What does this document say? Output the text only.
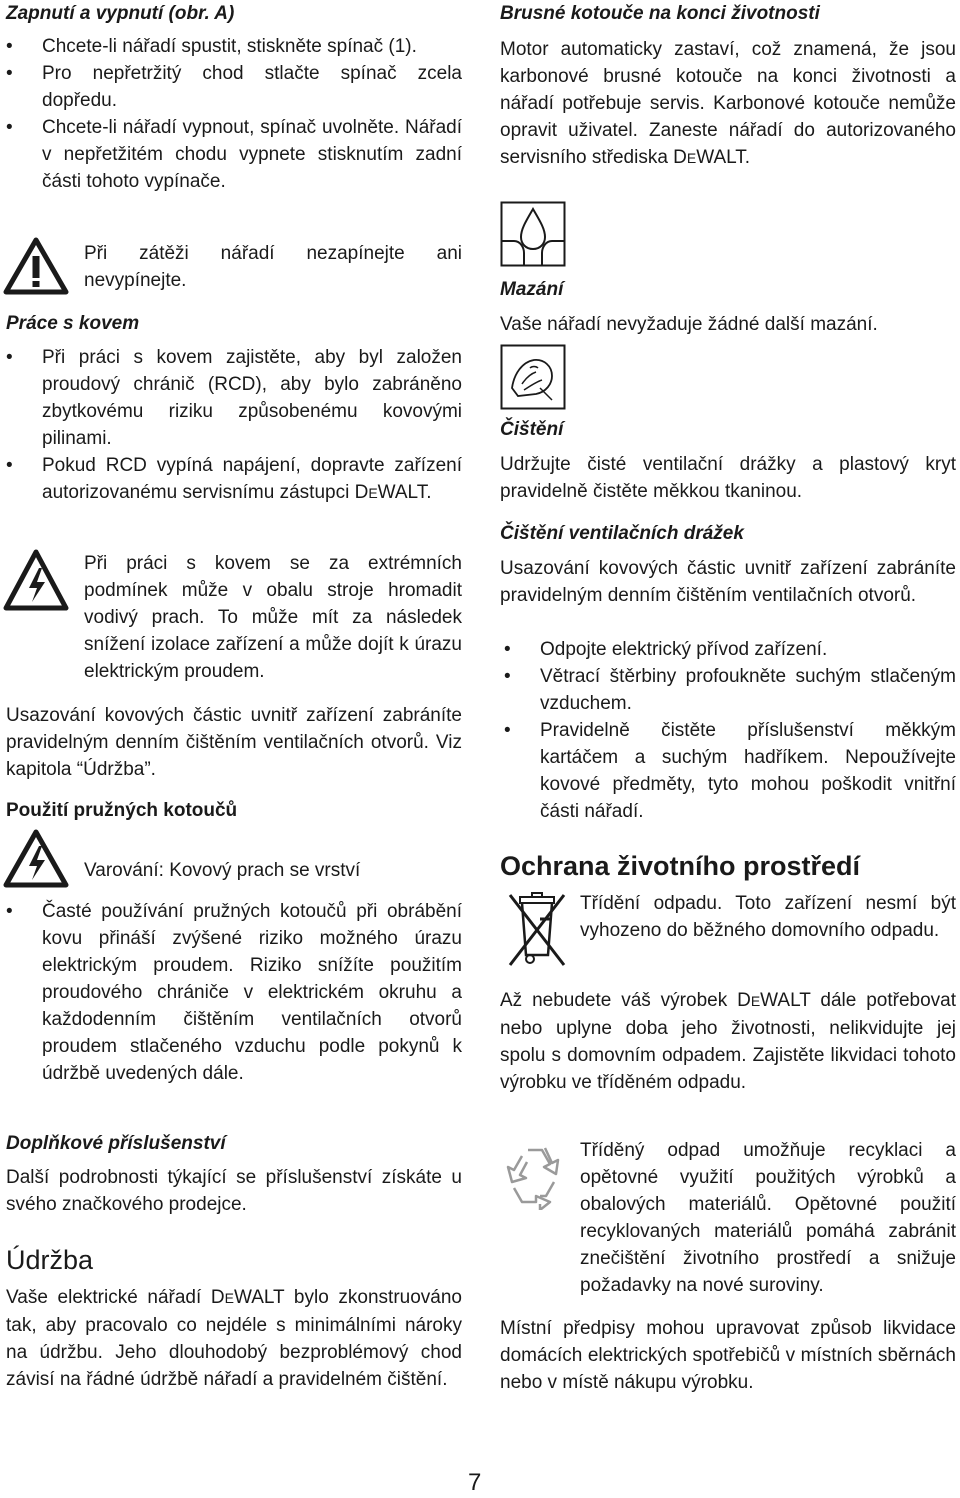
Zapnutí a vypnutí (obr. A)
• Chcete-li nářadí spustit, stiskněte spínač (1).
• Pro nepřetržitý chod stlačte spínač zcela dopředu.
• Chcete-li nářadí vypnout, spínač uvolněte. Nářadí v nepřetžitém chodu vypnete stisknutím zadní části tohoto vypínače.
Při zátěži nářadí nezapínejte ani nevypínejte.
Práce s kovem
• Při práci s kovem zajistěte, aby byl založen proudový chránič (RCD), aby bylo zabráněno zbytkovému riziku způsobenému kovovými pilinami.
• Pokud RCD vypíná napájení, dopravte zařízení autorizovanému servisnímu zástupci DEWALT.
Při práci s kovem se za extrémních podmínek může v obalu stroje hromadit vodivý prach. To může mít za následek snížení izolace zařízení a může dojít k úrazu elektrickým proudem.
Usazování kovových částic uvnitř zařízení zabráníte pravidelným denním čištěním ventilačních otvorů. Viz kapitola “Údržba”.
Použití pružných kotoučů
Varování: Kovový prach se vrství
• Časté používání pružných kotoučů při obrábění kovu přináší zvýšené riziko možného úrazu elektrickým proudem. Riziko snížíte použitím proudového chrániče v elektrickém okruhu a každodenním čištěním ventilačních otvorů proudem stlačeného vzduchu podle pokynů k údržbě uvedených dále.
Doplňkové příslušenství
Další podrobnosti týkající se příslušenství získáte u svého značkového prodejce.
Údržba
Vaše elektrické nářadí DEWALT bylo zkonstruováno tak, aby pracovalo co nejdéle s minimálními nároky na údržbu. Jeho dlouhodobý bezproblémový chod závisí na řádné údržbě nářadí a pravidelném čištění.
Brusné kotouče na konci životnosti
Motor automaticky zastaví, což znamená, že jsou karbonové brusné kotouče na konci životnosti a nářadí potřebuje servis. Karbonové kotouče nemůže opravit uživatel. Zaneste nářadí do autorizovaného servisního střediska DEWALT.
Mazání
Vaše nářadí nevyžaduje žádné další mazání.
Čištění
Udržujte čisté ventilační drážky a plastový kryt pravidelně čistěte měkkou tkaninou.
Čištění ventilačních drážek
Usazování kovových částic uvnitř zařízení zabráníte pravidelným denním čištěním ventilačních otvorů.
• Odpojte elektrický přívod zařízení.
• Větrací štěrbiny profoukněte suchým stlačeným vzduchem.
• Pravidelně čistěte příslušenství měkkým kartáčem a suchým hadříkem. Nepoužívejte kovové předměty, tyto mohou poškodit vnitřní části nářadí.
Ochrana životního prostředí
Třídění odpadu. Toto zařízení nesmí být vyhozeno do běžného domovního odpadu.
Až nebudete váš výrobek DEWALT dále potřebovat nebo uplyne doba jeho životnosti, nelikvidujte jej spolu s domovním odpadem. Zajistěte likvidaci tohoto výrobku ve tříděném odpadu.
Tříděný odpad umožňuje recyklaci a opětovné využití použitých výrobků a obalových materiálů. Opětovné použití recyklovaných materiálů pomáhá zabránit znečištění životního prostředí a snižuje požadavky na nové suroviny.
Místní předpisy mohou upravovat způsob likvidace domácích elektrických spotřebičů v místních sběrnách nebo v místě nákupu výrobku.
7
